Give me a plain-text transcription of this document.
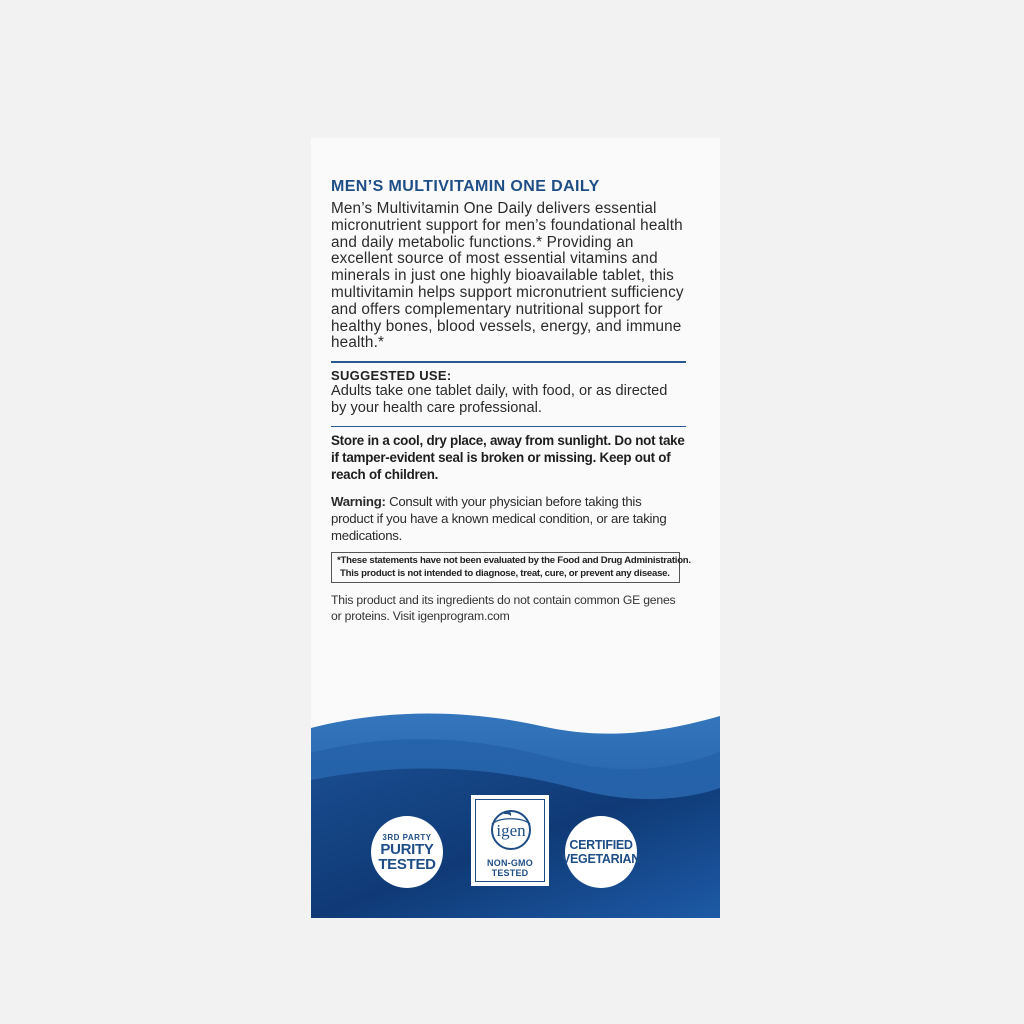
MEN’S MULTIVITAMIN ONE DAILY

Men’s Multivitamin One Daily delivers essential micronutrient support for men’s foundational health and daily metabolic functions.* Providing an excellent source of most essential vitamins and minerals in just one highly bioavailable tablet, this multivitamin helps support micronutrient sufficiency and offers complementary nutritional support for healthy bones, blood vessels, energy, and immune health.*

SUGGESTED USE:

Adults take one tablet daily, with food, or as directed by your health care professional.

Store in a cool, dry place, away from sunlight. Do not take if tamper-evident seal is broken or missing. Keep out of reach of children.

Warning: Consult with your physician before taking this product if you have a known medical condition, or are taking medications.

*These statements have not been evaluated by the Food and Drug Administration.
This product is not intended to diagnose, treat, cure, or prevent any disease.

This product and its ingredients do not contain common GE genes or proteins. Visit igenprogram.com

3RD PARTY
PURITY
TESTED
igen
NON-GMO
TESTED
CERTIFIED
VEGETARIAN
